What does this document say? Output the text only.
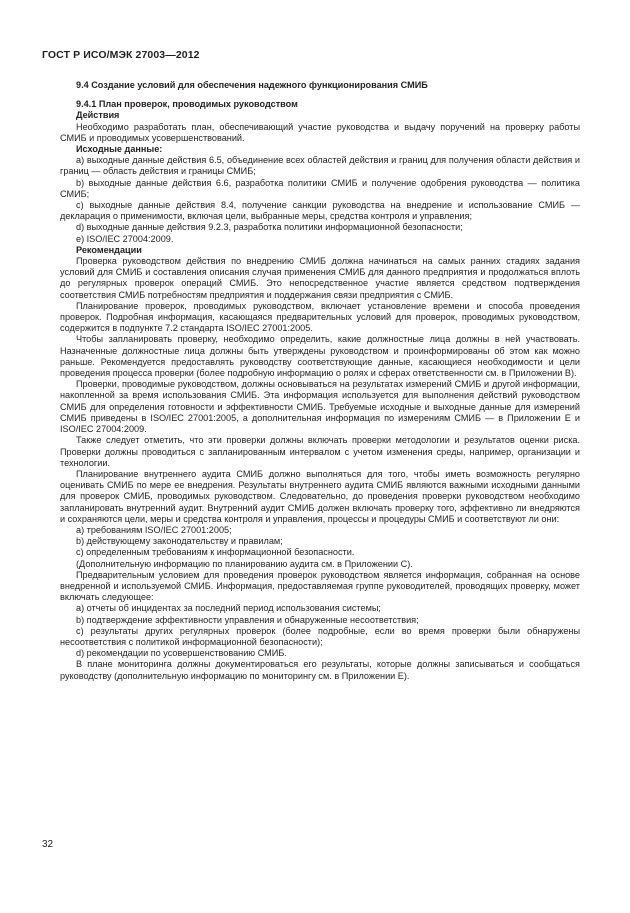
ГОСТ Р ИСО/МЭК 27003—2012

9.4 Создание условий для обеспечения надежного функционирования СМИБ

9.4.1 План проверок, проводимых руководством

Действия

Необходимо разработать план, обеспечивающий участие руководства и выдачу поручений на проверку работы СМИБ и проводимых усовершенствований.

Исходные данные:

a) выходные данные действия 6.5, объединение всех областей действия и границ для получения области действия и границ — область действия и границы СМИБ;

b) выходные данные действия 6.6, разработка политики СМИБ и получение одобрения руководства — политика СМИБ;

c) выходные данные действия 8.4, получение санкции руководства на внедрение и использование СМИБ — декларация о применимости, включая цели, выбранные меры, средства контроля и управления;

d) выходные данные действия 9.2.3, разработка политики информационной безопасности;

e) ISO/IEC 27004:2009.

Рекомендации

Проверка руководством действия по внедрению СМИБ должна начинаться на самых ранних стадиях задания условий для СМИБ и составления описания случая применения СМИБ для данного предприятия и продолжаться вплоть до регулярных проверок операций СМИБ. Это непосредственное участие является средством подтверждения соответствия СМИБ потребностям предприятия и поддержания связи предприятия с СМИБ.

Планирование проверок, проводимых руководством, включает установление времени и способа проведения проверок. Подробная информация, касающаяся предварительных условий для проверок, проводимых руководством, содержится в подпункте 7.2 стандарта ISO/IEC 27001:2005.

Чтобы запланировать проверку, необходимо определить, какие должностные лица должны в ней участвовать. Назначенные должностные лица должны быть утверждены руководством и проинформированы об этом как можно раньше. Рекомендуется предоставлять руководству соответствующие данные, касающиеся необходимости и цели проведения процесса проверки (более подробную информацию о ролях и сферах ответственности см. в Приложении В).

Проверки, проводимые руководством, должны основываться на результатах измерений СМИБ и другой информации, накопленной за время использования СМИБ. Эта информация используется для выполнения действий руководством СМИБ для определения готовности и эффективности СМИБ. Требуемые исходные и выходные данные для измерений СМИБ приведены в ISO/IEC 27001:2005, а дополнительная информация по измерениям СМИБ — в Приложении Е и ISO/IEC 27004:2009.

Также следует отметить, что эти проверки должны включать проверки методологии и результатов оценки риска. Проверки должны проводиться с запланированным интервалом с учетом изменения среды, например, организации и технологии.

Планирование внутреннего аудита СМИБ должно выполняться для того, чтобы иметь возможность регулярно оценивать СМИБ по мере ее внедрения. Результаты внутреннего аудита СМИБ являются важными исходными данными для проверок СМИБ, проводимых руководством. Следовательно, до проведения проверки руководством необходимо запланировать внутренний аудит. Внутренний аудит СМИБ должен включать проверку того, эффективно ли внедряются и сохраняются цели, меры и средства контроля и управления, процессы и процедуры СМИБ и соответствуют ли они:

a) требованиям ISO/IEC 27001:2005;

b) действующему законодательству и правилам;

c) определенным требованиям к информационной безопасности.

(Дополнительную информацию по планированию аудита см. в Приложении С).

Предварительным условием для проведения проверок руководством является информация, собранная на основе внедренной и используемой СМИБ. Информация, предоставляемая группе руководителей, проводящих проверку, может включать следующее:

a) отчеты об инцидентах за последний период использования системы;

b) подтверждение эффективности управления и обнаруженные несоответствия;

c) результаты других регулярных проверок (более подробные, если во время проверки были обнаружены несоответствия с политикой информационной безопасности);

d) рекомендации по усовершенствованию СМИБ.

В плане мониторинга должны документироваться его результаты, которые должны записываться и сообщаться руководству (дополнительную информацию по мониторингу см. в Приложении Е).

32
